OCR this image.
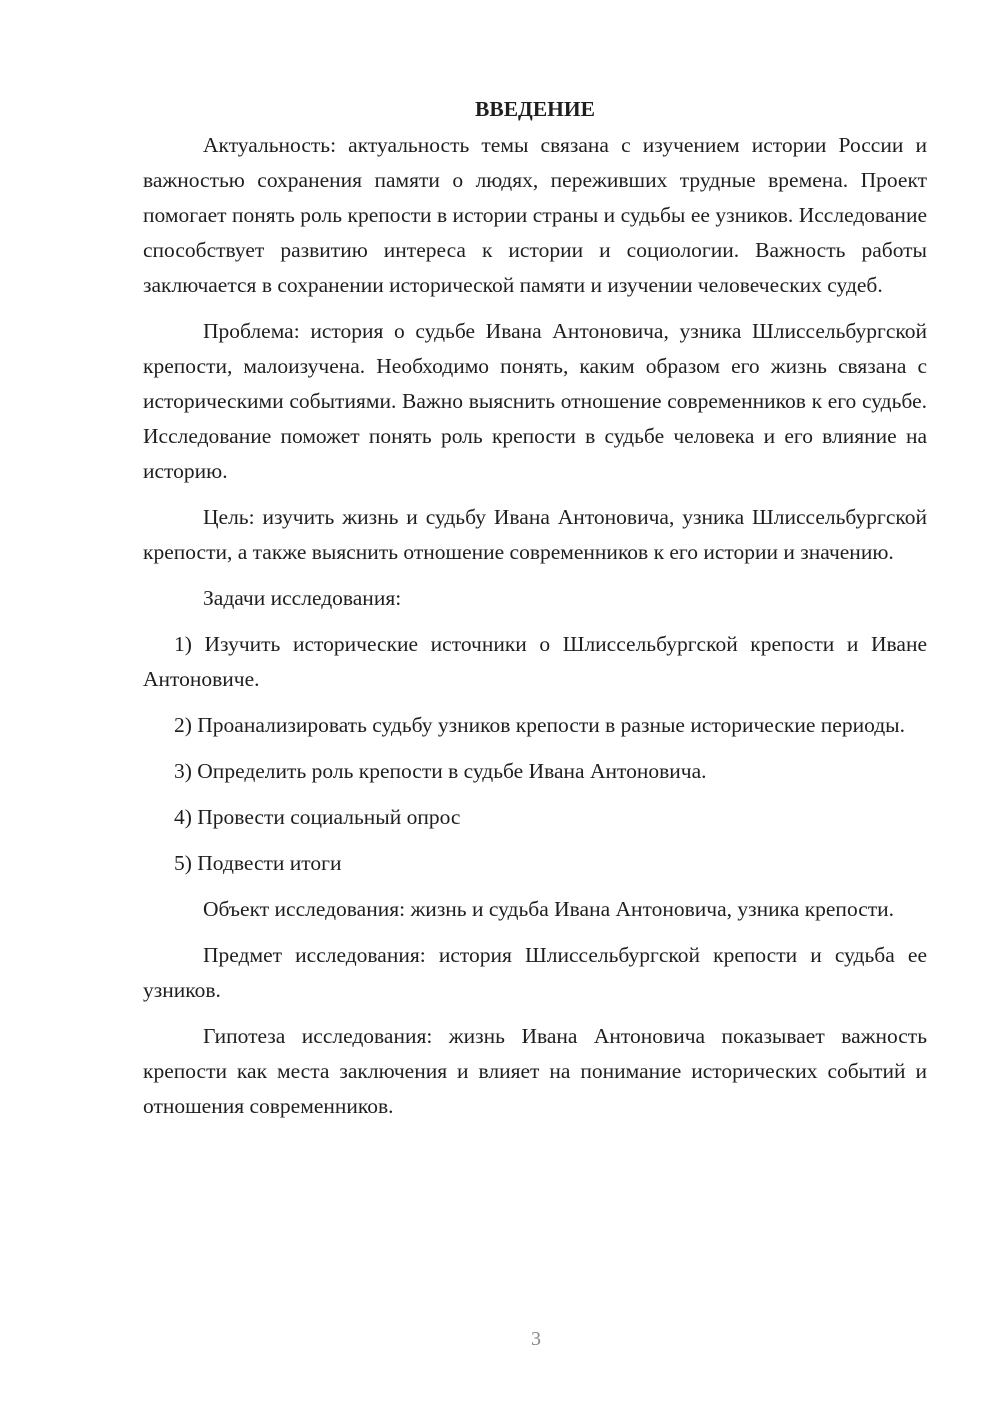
ВВЕДЕНИЕ

Актуальность: актуальность темы связана с изучением истории России и важностью сохранения памяти о людях, переживших трудные времена. Проект помогает понять роль крепости в истории страны и судьбы ее узников. Исследование способствует развитию интереса к истории и социологии. Важность работы заключается в сохранении исторической памяти и изучении человеческих судеб.

Проблема: история о судьбе Ивана Антоновича, узника Шлиссельбургской крепости, малоизучена. Необходимо понять, каким образом его жизнь связана с историческими событиями. Важно выяснить отношение современников к его судьбе. Исследование поможет понять роль крепости в судьбе человека и его влияние на историю.

Цель: изучить жизнь и судьбу Ивана Антоновича, узника Шлиссельбургской крепости, а также выяснить отношение современников к его истории и значению.

Задачи исследования:

1) Изучить исторические источники о Шлиссельбургской крепости и Иване Антоновиче.

2) Проанализировать судьбу узников крепости в разные исторические периоды.

3) Определить роль крепости в судьбе Ивана Антоновича.

4) Провести социальный опрос

5) Подвести итоги

Объект исследования: жизнь и судьба Ивана Антоновича, узника крепости.

Предмет исследования: история Шлиссельбургской крепости и судьба ее узников.

Гипотеза исследования: жизнь Ивана Антоновича показывает важность крепости как места заключения и влияет на понимание исторических событий и отношения современников.

3
